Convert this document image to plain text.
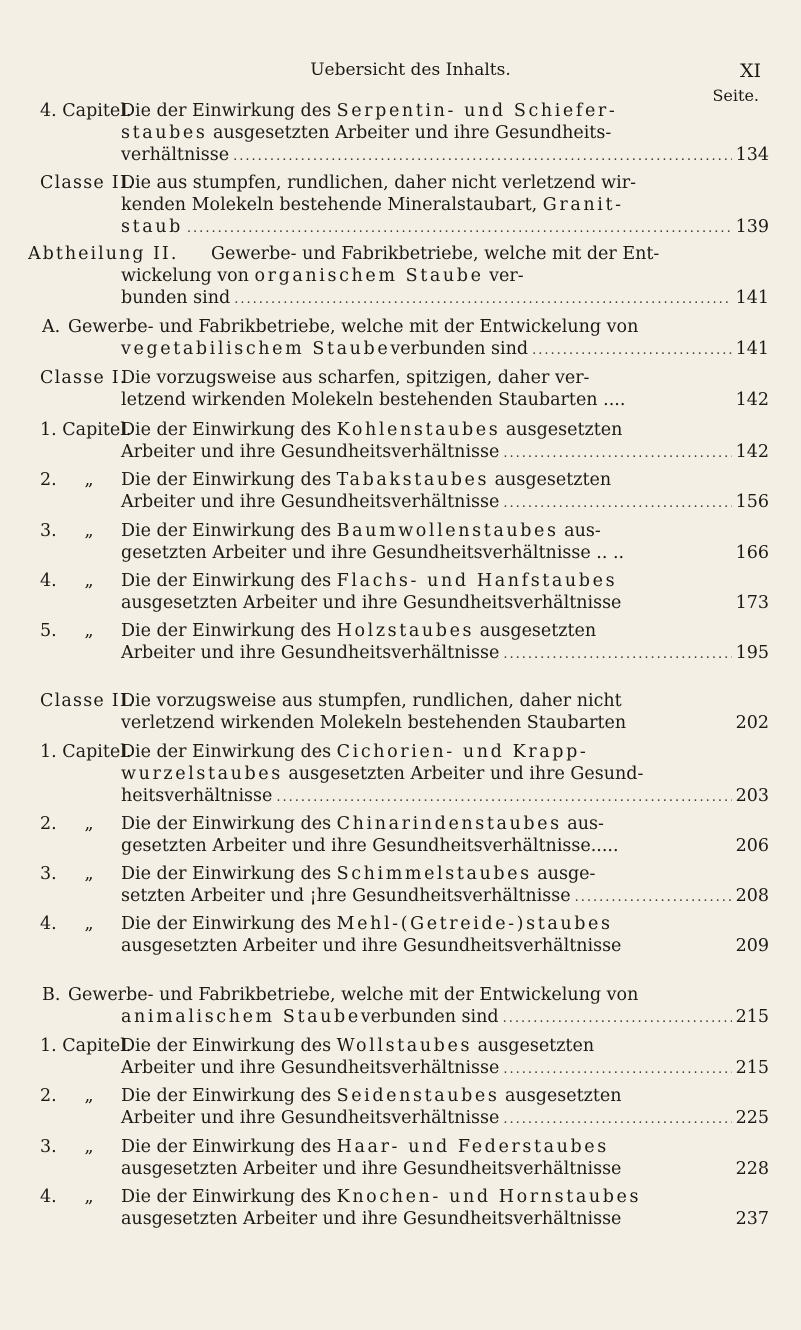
Uebersicht des Inhalts.	XI
Seite.
4. Capitel.
Die der Einwirkung des Serpentin- und Schiefer-
staubes ausgesetzten Arbeiter und ihre Gesundheits-
verhältnisse .....	134
Classe II.
Die aus stumpfen, rundlichen, daher nicht verletzend wir-
kenden Molekeln bestehende Mineralstaubart, Granit-
staub .....	139
Abtheilung II.	Gewerbe- und Fabrikbetriebe, welche mit der Ent-
wickelung von organischem Staube ver-
bunden sind .....	141
A. Gewerbe- und Fabrikbetriebe, welche mit der Entwickelung von
vegetabilischem Staube verbunden sind .....	141
Classe I.
Die vorzugsweise aus scharfen, spitzigen, daher ver-
letzend wirkenden Molekeln bestehenden Staubarten ....	142
1. Capitel.
Die der Einwirkung des Kohlenstaubes ausgesetzten
Arbeiter und ihre Gesundheitsverhältnisse .....	142
2.     „ Die der Einwirkung des Tabakstaubes ausgesetzten
Arbeiter und ihre Gesundheitsverhältnisse .....	156
3.     „ Die der Einwirkung des Baumwollenstaubes aus-
gesetzten Arbeiter und ihre Gesundheitsverhältnisse .. ..	166
4.     „ Die der Einwirkung des Flachs- und Hanfstaubes
ausgesetzten Arbeiter und ihre Gesundheitsverhältnisse	173
5.     „ Die der Einwirkung des Holzstaubes ausgesetzten
Arbeiter und ihre Gesundheitsverhältnisse .....	195
Classe II.
Die vorzugsweise aus stumpfen, rundlichen, daher nicht
verletzend wirkenden Molekeln bestehenden Staubarten	202
1. Capitel.
Die der Einwirkung des Cichorien- und Krapp-
wurzelstaubes ausgesetzten Arbeiter und ihre Gesund-
heitsverhältnisse .....	203
2.     „ Die der Einwirkung des Chinarindenstaubes aus-
gesetzten Arbeiter und ihre Gesundheitsverhältnisse.....	206
3.     „ Die der Einwirkung des Schimmelstaubes ausge-
setzten Arbeiter und ¡hre Gesundheitsverhältnisse .....	208
4.     „ Die der Einwirkung des Mehl-(Getreide-)staubes
ausgesetzten Arbeiter und ihre Gesundheitsverhältnisse	209
B. Gewerbe- und Fabrikbetriebe, welche mit der Entwickelung von
animalischem Staube verbunden sind .....	215
1. Capitel.
Die der Einwirkung des Wollstaubes ausgesetzten
Arbeiter und ihre Gesundheitsverhältnisse .....	215
2.     „ Die der Einwirkung des Seidenstaubes ausgesetzten
Arbeiter und ihre Gesundheitsverhältnisse .....	225
3.     „ Die der Einwirkung des Haar- und Federstaubes
ausgesetzten Arbeiter und ihre Gesundheitsverhältnisse	228
4.     „ Die der Einwirkung des Knochen- und Hornstaubes
ausgesetzten Arbeiter und ihre Gesundheitsverhältnisse	237
